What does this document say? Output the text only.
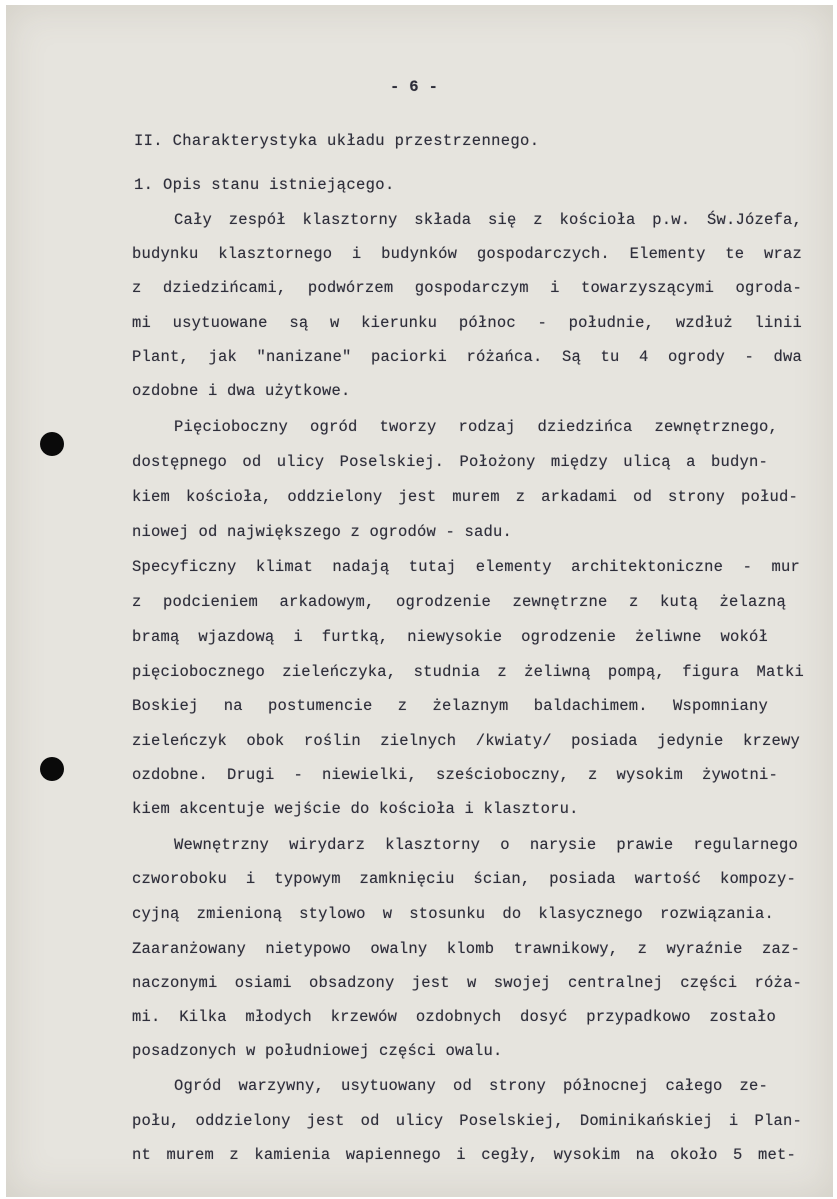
- 6 -
II. Charakterystyka układu przestrzennego.
1. Opis stanu istniejącego.
Cały zespół klasztorny składa się z kościoła p.w. Św.Józefa,
budynku klasztornego i budynków gospodarczych. Elementy te wraz
z dziedzińcami, podwórzem gospodarczym i towarzyszącymi ogroda-
mi usytuowane są w kierunku północ - południe, wzdłuż linii
Plant, jak "nanizane" paciorki różańca. Są tu 4 ogrody - dwa
ozdobne i dwa użytkowe.
Pięcioboczny ogród tworzy rodzaj dziedzińca zewnętrznego,
dostępnego od ulicy Poselskiej. Położony między ulicą a budyn-
kiem kościoła, oddzielony jest murem z arkadami od strony połud-
niowej od największego z ogrodów - sadu.
Specyficzny klimat nadają tutaj elementy architektoniczne - mur
z podcieniem arkadowym, ogrodzenie zewnętrzne z kutą żelazną
bramą wjazdową i furtką, niewysokie ogrodzenie żeliwne wokół
pięciobocznego zieleńczyka, studnia z żeliwną pompą, figura Matki
Boskiej na postumencie z żelaznym baldachimem. Wspomniany
zieleńczyk obok roślin zielnych /kwiaty/ posiada jedynie krzewy
ozdobne. Drugi - niewielki, sześcioboczny, z wysokim żywotni-
kiem akcentuje wejście do kościoła i klasztoru.
Wewnętrzny wirydarz klasztorny o narysie prawie regularnego
czworoboku i typowym zamknięciu ścian, posiada wartość kompozy-
cyjną zmienioną stylowo w stosunku do klasycznego rozwiązania.
Zaaranżowany nietypowo owalny klomb trawnikowy, z wyraźnie zaz-
naczonymi osiami obsadzony jest w swojej centralnej części róża-
mi. Kilka młodych krzewów ozdobnych dosyć przypadkowo zostało
posadzonych w południowej części owalu.
Ogród warzywny, usytuowany od strony północnej całego ze-
połu, oddzielony jest od ulicy Poselskiej, Dominikańskiej i Plan-
nt murem z kamienia wapiennego i cegły, wysokim na około 5 met-
